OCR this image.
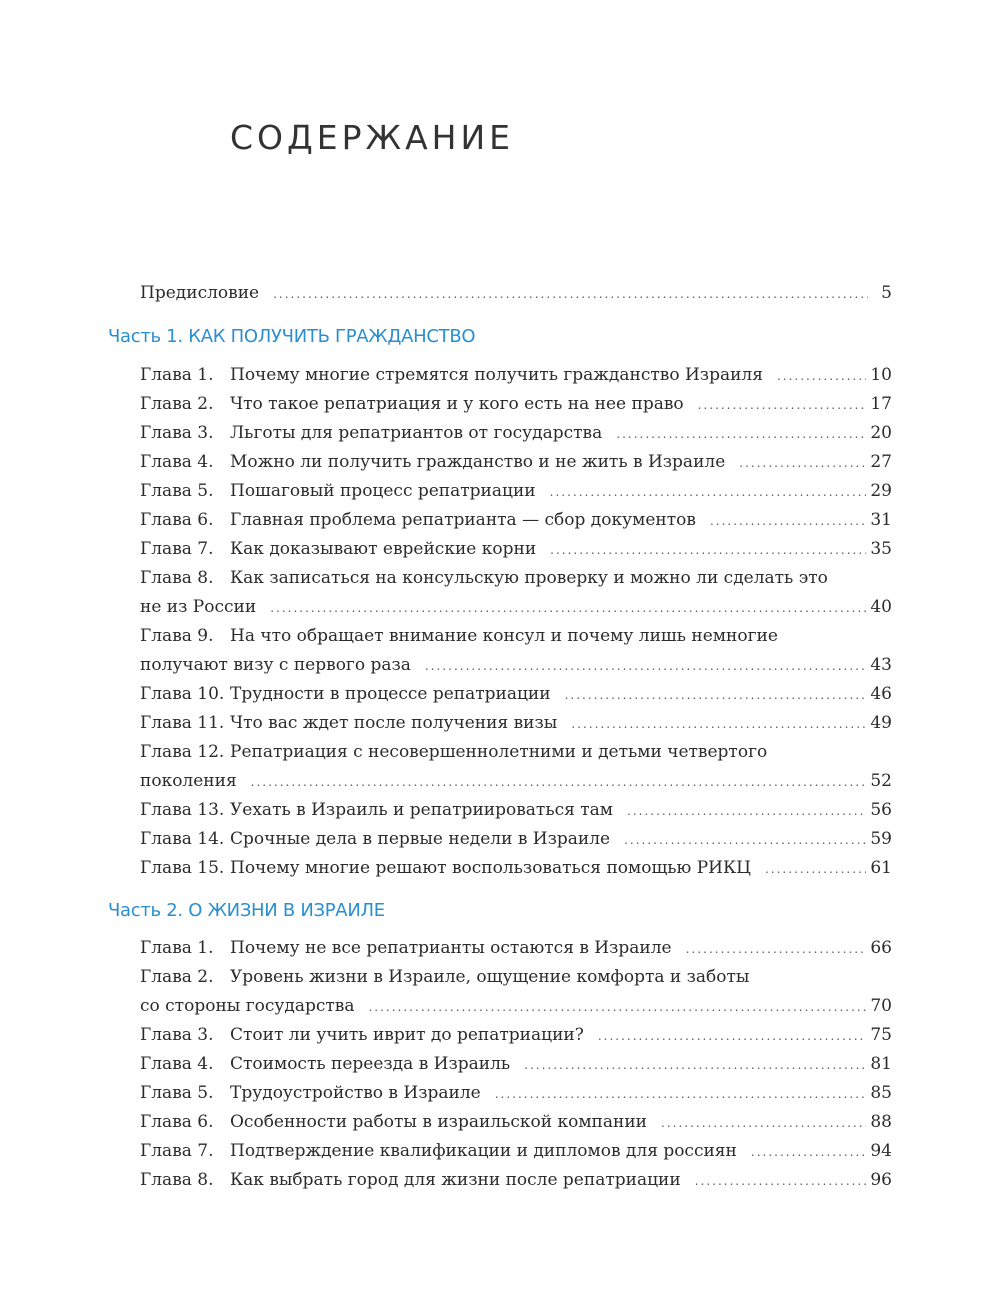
СОДЕРЖАНИЕ
Предисловие .....	5
Часть 1. КАК ПОЛУЧИТЬ ГРАЖДАНСТВО
Глава 1. Почему многие стремятся получить гражданство Израиля .....	10
Глава 2. Что такое репатриация и у кого есть на нее право .....	17
Глава 3. Льготы для репатриантов от государства .....	20
Глава 4. Можно ли получить гражданство и не жить в Израиле .....	27
Глава 5. Пошаговый процесс репатриации .....	29
Глава 6. Главная проблема репатрианта — сбор документов .....	31
Глава 7. Как доказывают еврейские корни .....	35
Глава 8. Как записаться на консульскую проверку и можно ли сделать это
не из России .....	40
Глава 9. На что обращает внимание консул и почему лишь немногие
получают визу с первого раза .....	43
Глава 10. Трудности в процессе репатриации .....	46
Глава 11. Что вас ждет после получения визы .....	49
Глава 12. Репатриация с несовершеннолетними и детьми четвертого
поколения .....	52
Глава 13. Уехать в Израиль и репатриироваться там .....	56
Глава 14. Срочные дела в первые недели в Израиле .....	59
Глава 15. Почему многие решают воспользоваться помощью РИКЦ .....	61
Часть 2. О ЖИЗНИ В ИЗРАИЛЕ
Глава 1. Почему не все репатрианты остаются в Израиле .....	66
Глава 2. Уровень жизни в Израиле, ощущение комфорта и заботы
со стороны государства .....	70
Глава 3. Стоит ли учить иврит до репатриации? .....	75
Глава 4. Стоимость переезда в Израиль .....	81
Глава 5. Трудоустройство в Израиле .....	85
Глава 6. Особенности работы в израильской компании .....	88
Глава 7. Подтверждение квалификации и дипломов для россиян .....	94
Глава 8. Как выбрать город для жизни после репатриации .....	96
